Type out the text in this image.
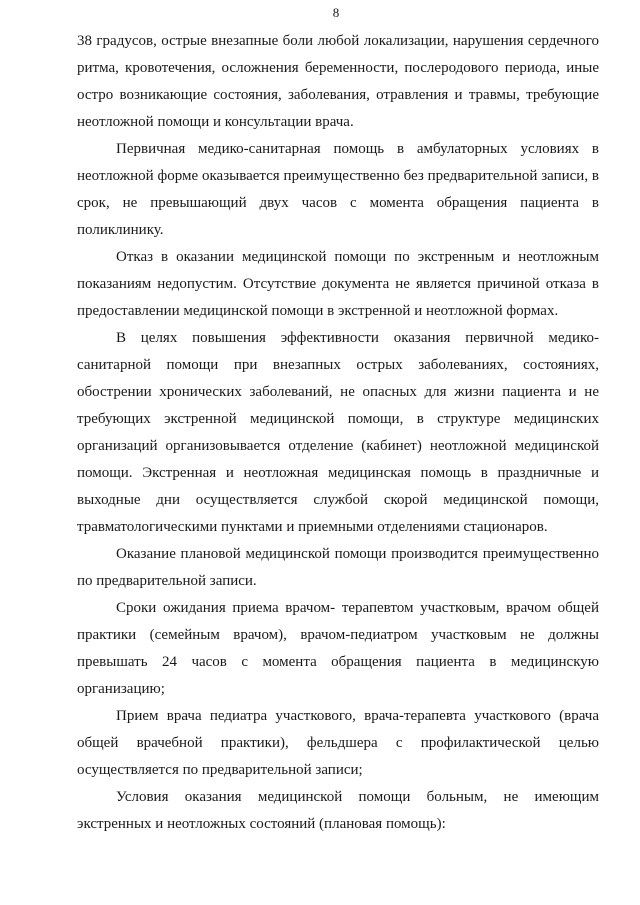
8

38 градусов, острые внезапные боли любой локализации, нарушения сердечного ритма, кровотечения, осложнения беременности, послеродового периода, иные остро возникающие состояния, заболевания, отравления и травмы, требующие неотложной помощи и консультации врача.

Первичная медико-санитарная помощь в амбулаторных условиях в неотложной форме оказывается преимущественно без предварительной записи, в срок, не превышающий двух часов с момента обращения пациента в поликлинику.

Отказ в оказании медицинской помощи по экстренным и неотложным показаниям недопустим. Отсутствие документа не является причиной отказа в предоставлении медицинской помощи в экстренной и неотложной формах.

В целях повышения эффективности оказания первичной медико-санитарной помощи при внезапных острых заболеваниях, состояниях, обострении хронических заболеваний, не опасных для жизни пациента и не требующих экстренной медицинской помощи, в структуре медицинских организаций организовывается отделение (кабинет) неотложной медицинской помощи. Экстренная и неотложная медицинская помощь в праздничные и выходные дни осуществляется службой скорой медицинской помощи, травматологическими пунктами и приемными отделениями стационаров.

Оказание плановой медицинской помощи производится преимущественно по предварительной записи.

Сроки ожидания приема врачом- терапевтом участковым, врачом общей практики (семейным врачом), врачом-педиатром участковым не должны превышать 24 часов с момента обращения пациента в медицинскую организацию;

Прием врача педиатра участкового, врача-терапевта участкового (врача общей врачебной практики), фельдшера с профилактической целью осуществляется по предварительной записи;

Условия оказания медицинской помощи больным, не имеющим экстренных и неотложных состояний (плановая помощь):
